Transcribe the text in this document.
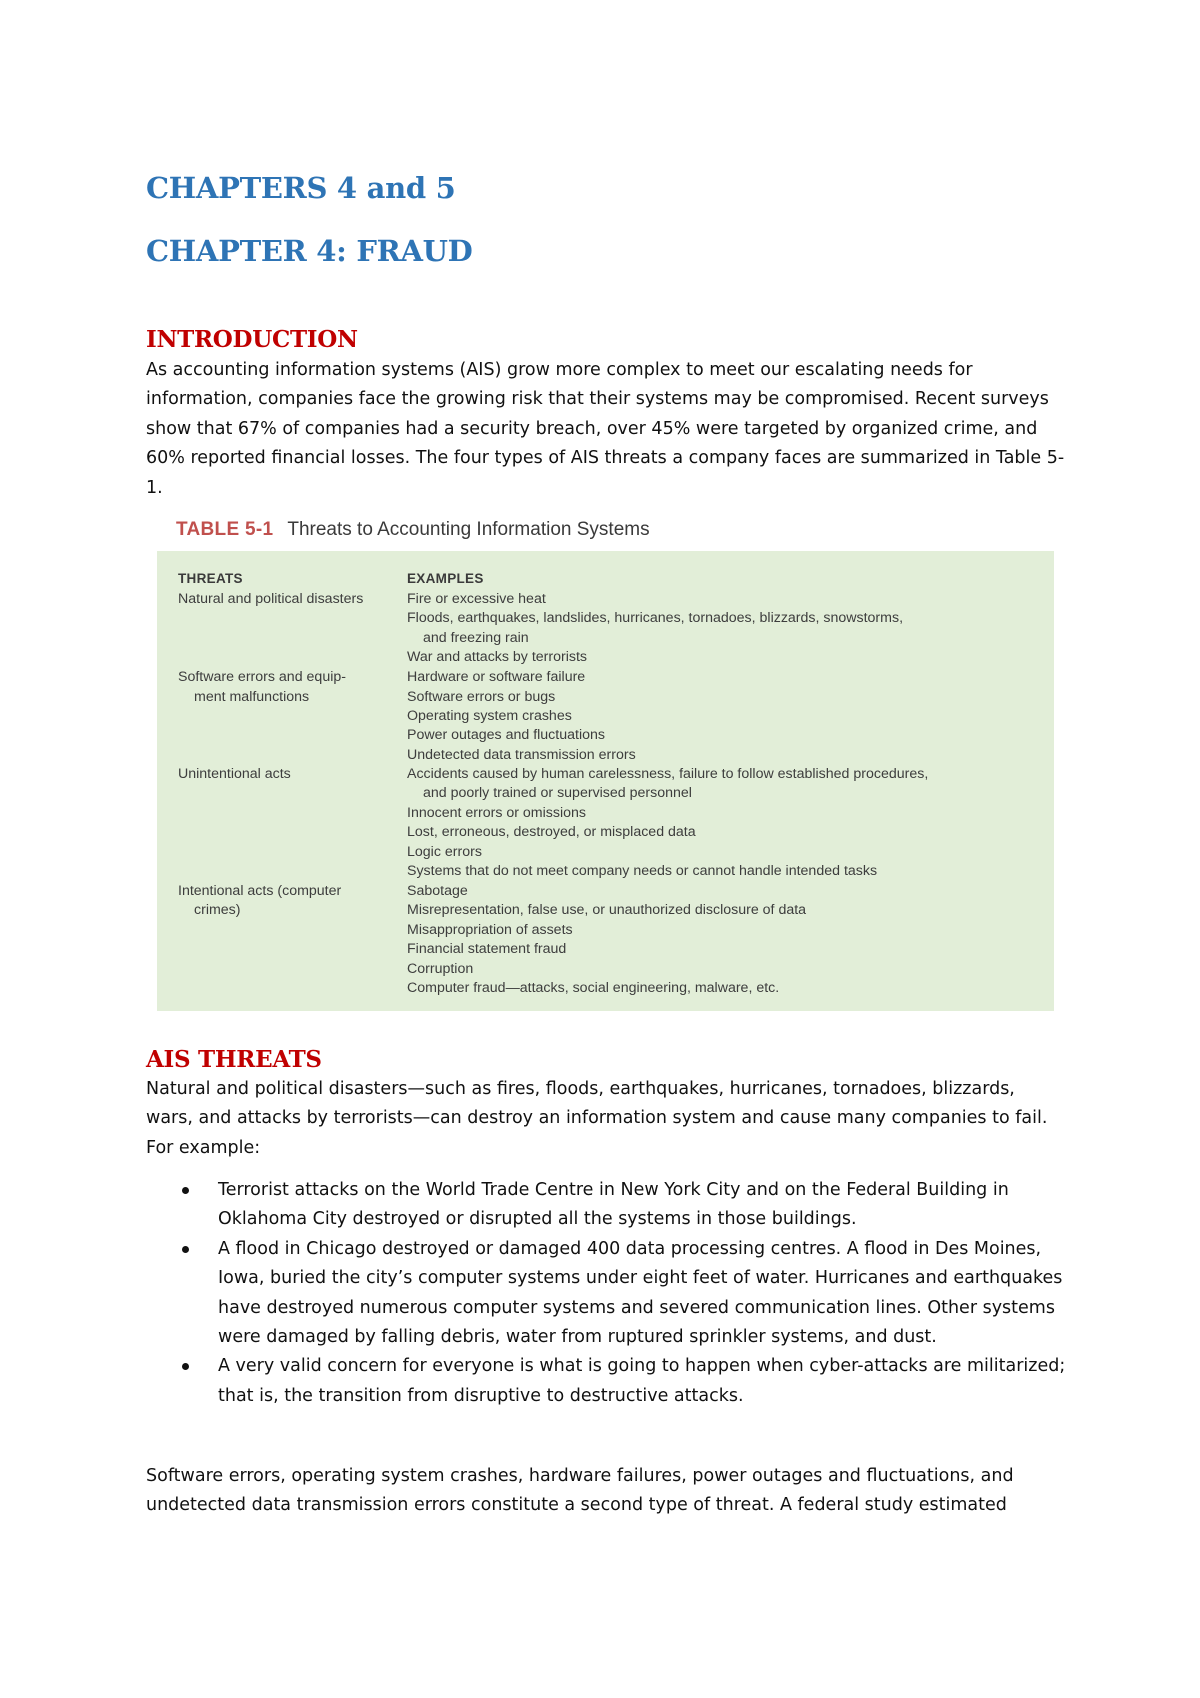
CHAPTERS 4 and 5
CHAPTER 4: FRAUD
INTRODUCTION

As accounting information systems (AIS) grow more complex to meet our escalating needs for information, companies face the growing risk that their systems may be compromised. Recent surveys show that 67% of companies had a security breach, over 45% were targeted by organized crime, and 60% reported financial losses. The four types of AIS threats a company faces are summarized in Table 5-1.

TABLE 5-1 Threats to Accounting Information Systems
THREATS	EXAMPLES
Natural and political disasters
Software errors and equip-
ment malfunctions
Unintentional acts
Intentional acts (computer
crimes)
Fire or excessive heat
Floods, earthquakes, landslides, hurricanes, tornadoes, blizzards, snowstorms,
and freezing rain
War and attacks by terrorists
Hardware or software failure
Software errors or bugs
Operating system crashes
Power outages and fluctuations
Undetected data transmission errors
Accidents caused by human carelessness, failure to follow established procedures,
and poorly trained or supervised personnel
Innocent errors or omissions
Lost, erroneous, destroyed, or misplaced data
Logic errors
Systems that do not meet company needs or cannot handle intended tasks
Sabotage
Misrepresentation, false use, or unauthorized disclosure of data
Misappropriation of assets
Financial statement fraud
Corruption
Computer fraud—attacks, social engineering, malware, etc.
AIS THREATS

Natural and political disasters—such as fires, floods, earthquakes, hurricanes, tornadoes, blizzards, wars, and attacks by terrorists—can destroy an information system and cause many companies to fail. For example:

Terrorist attacks on the World Trade Centre in New York City and on the Federal Building in Oklahoma City destroyed or disrupted all the systems in those buildings.
A flood in Chicago destroyed or damaged 400 data processing centres. A flood in Des Moines, Iowa, buried the city’s computer systems under eight feet of water. Hurricanes and earthquakes have destroyed numerous computer systems and severed communication lines. Other systems were damaged by falling debris, water from ruptured sprinkler systems, and dust.
A very valid concern for everyone is what is going to happen when cyber-attacks are militarized; that is, the transition from disruptive to destructive attacks.

Software errors, operating system crashes, hardware failures, power outages and fluctuations, and undetected data transmission errors constitute a second type of threat. A federal study estimated
